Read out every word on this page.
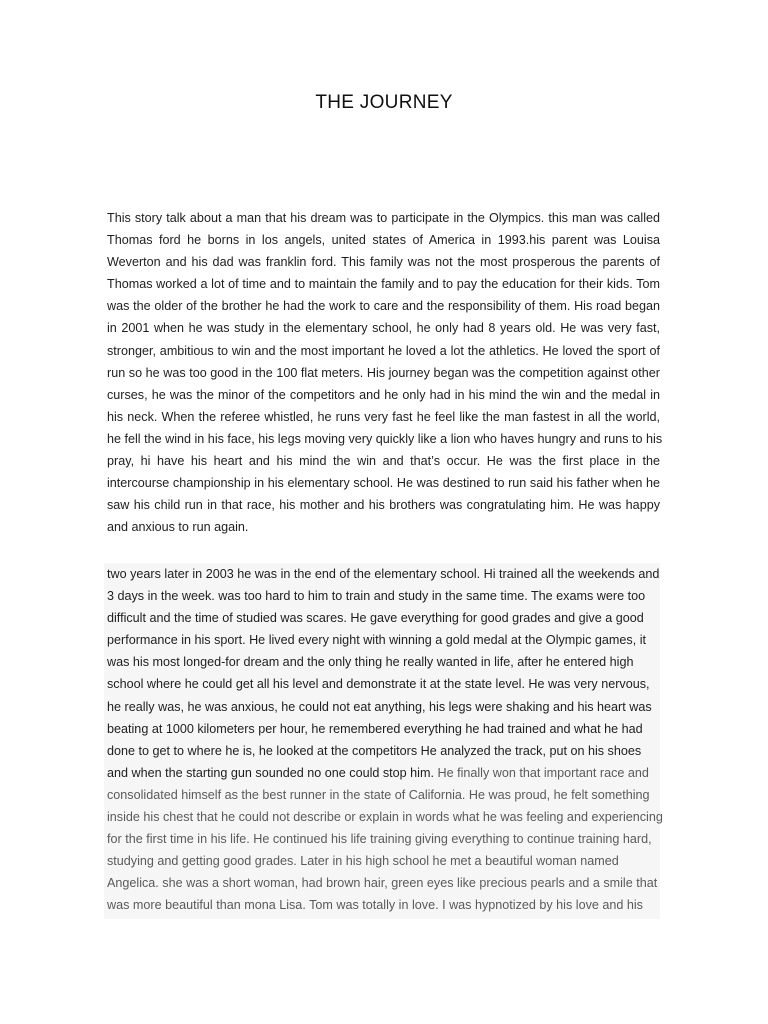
THE JOURNEY
This story talk about a man that his dream was to participate in the Olympics. this man was called
Thomas ford he borns in los angels, united states of America in 1993.his parent was Louisa
Weverton and his dad was franklin ford. This family was not the most prosperous the parents of
Thomas worked a lot of time and to maintain the family and to pay the education for their kids. Tom
was the older of the brother he had the work to care and the responsibility of them. His road began
in 2001 when he was study in the elementary school, he only had 8 years old. He was very fast,
stronger, ambitious to win and the most important he loved a lot the athletics. He loved the sport of
run so he was too good in the 100 flat meters. His journey began was the competition against other
curses, he was the minor of the competitors and he only had in his mind the win and the medal in
his neck. When the referee whistled, he runs very fast he feel like the man fastest in all the world,
he fell the wind in his face, his legs moving very quickly like a lion who haves hungry and runs to his
pray, hi have his heart and his mind the win and that’s occur. He was the first place in the
intercourse championship in his elementary school. He was destined to run said his father when he
saw his child run in that race, his mother and his brothers was congratulating him. He was happy
and anxious to run again.
two years later in 2003 he was in the end of the elementary school. Hi trained all the weekends and
3 days in the week. was too hard to him to train and study in the same time. The exams were too
difficult and the time of studied was scares. He gave everything for good grades and give a good
performance in his sport. He lived every night with winning a gold medal at the Olympic games, it
was his most longed-for dream and the only thing he really wanted in life, after he entered high
school where he could get all his level and demonstrate it at the state level. He was very nervous,
he really was, he was anxious, he could not eat anything, his legs were shaking and his heart was
beating at 1000 kilometers per hour, he remembered everything he had trained and what he had
done to get to where he is, he looked at the competitors He analyzed the track, put on his shoes
and when the starting gun sounded no one could stop him. He finally won that important race and
consolidated himself as the best runner in the state of California. He was proud, he felt something
inside his chest that he could not describe or explain in words what he was feeling and experiencing
for the first time in his life. He continued his life training giving everything to continue training hard,
studying and getting good grades. Later in his high school he met a beautiful woman named
Angelica. she was a short woman, had brown hair, green eyes like precious pearls and a smile that
was more beautiful than mona Lisa. Tom was totally in love. I was hypnotized by his love and his
